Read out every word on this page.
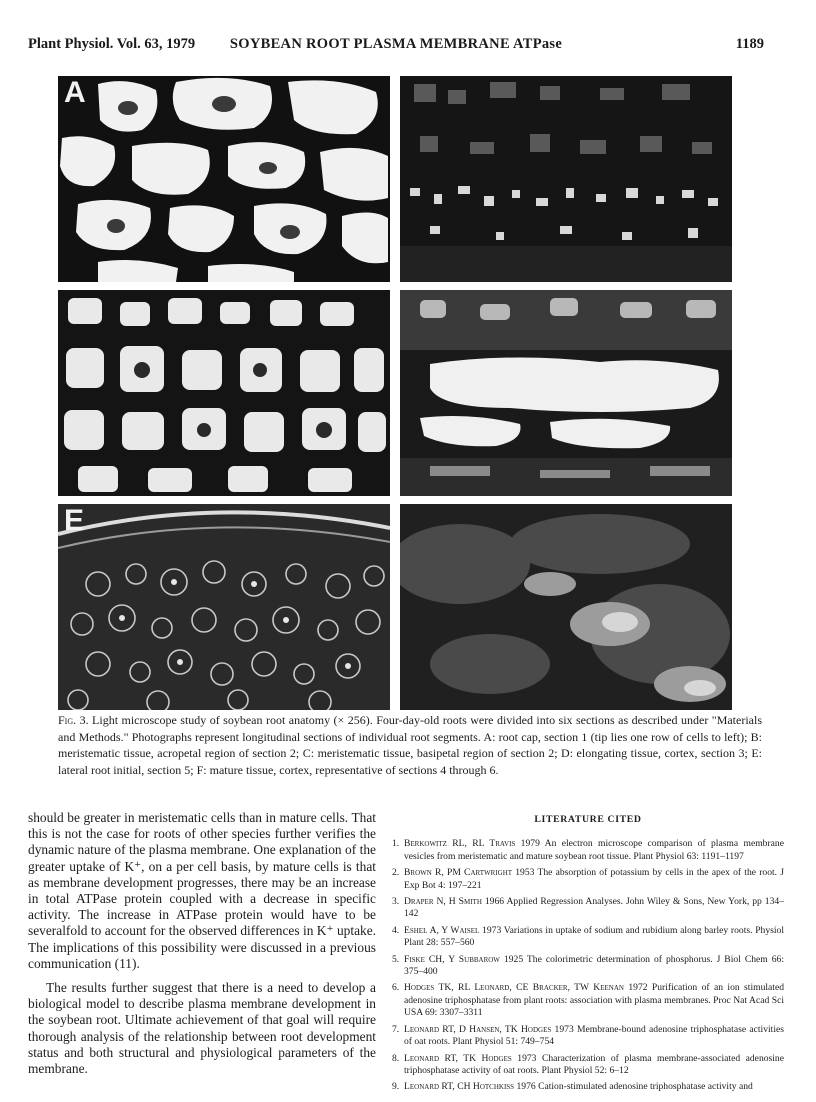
Plant Physiol. Vol. 63, 1979	SOYBEAN ROOT PLASMA MEMBRANE ATPase	1189
A
E
Fig. 3. Light microscope study of soybean root anatomy (× 256). Four-day-old roots were divided into six sections as described under "Materials and Methods." Photographs represent longitudinal sections of individual root segments. A: root cap, section 1 (tip lies one row of cells to left); B: meristematic tissue, acropetal region of section 2; C: meristematic tissue, basipetal region of section 2; D: elongating tissue, cortex, section 3; E: lateral root initial, section 5; F: mature tissue, cortex, representative of sections 4 through 6.

should be greater in meristematic cells than in mature cells. That this is not the case for roots of other species further verifies the dynamic nature of the plasma membrane. One explanation of the greater uptake of K⁺, on a per cell basis, by mature cells is that as membrane development progresses, there may be an increase in total ATPase protein coupled with a decrease in specific activity. The increase in ATPase protein would have to be severalfold to account for the observed differences in K⁺ uptake. The implications of this possibility were discussed in a previous communication (11).

The results further suggest that there is a need to develop a biological model to describe plasma membrane development in the soybean root. Ultimate achievement of that goal will require thorough analysis of the relationship between root development status and both structural and physiological parameters of the membrane.

LITERATURE CITED
1. Berkowitz RL, RL Travis 1979 An electron microscope comparison of plasma membrane vesicles from meristematic and mature soybean root tissue. Plant Physiol 63: 1191–1197
2. Brown R, PM Cartwright 1953 The absorption of potassium by cells in the apex of the root. J Exp Bot 4: 197–221
3. Draper N, H Smith 1966 Applied Regression Analyses. John Wiley & Sons, New York, pp 134–142
4. Eshel A, Y Waisel 1973 Variations in uptake of sodium and rubidium along barley roots. Physiol Plant 28: 557–560
5. Fiske CH, Y Subbarow 1925 The colorimetric determination of phosphorus. J Biol Chem 66: 375–400
6. Hodges TK, RL Leonard, CE Bracker, TW Keenan 1972 Purification of an ion stimulated adenosine triphosphatase from plant roots: association with plasma membranes. Proc Nat Acad Sci USA 69: 3307–3311
7. Leonard RT, D Hansen, TK Hodges 1973 Membrane-bound adenosine triphosphatase activities of oat roots. Plant Physiol 51: 749–754
8. Leonard RT, TK Hodges 1973 Characterization of plasma membrane-associated adenosine triphosphatase activity of oat roots. Plant Physiol 52: 6–12
9. Leonard RT, CH Hotchkiss 1976 Cation-stimulated adenosine triphosphatase activity and
